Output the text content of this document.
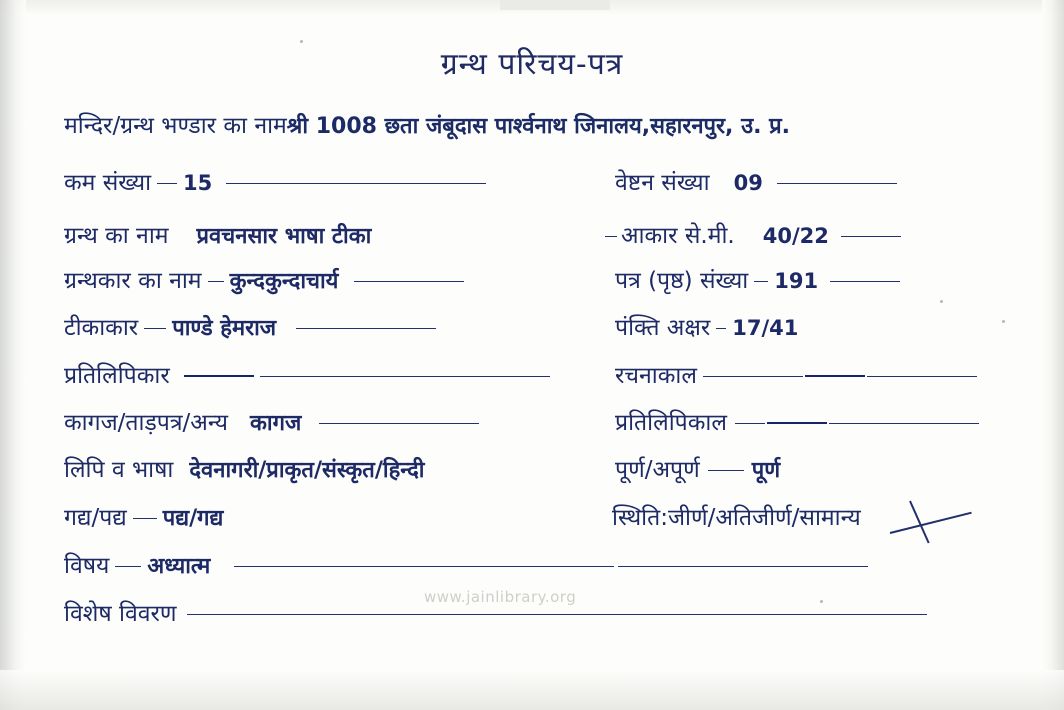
ग्रन्थ परिचय-पत्र
मन्दिर/ग्रन्थ भण्डार का नामश्री 1008 छता जंबूदास पार्श्वनाथ जिनालय,सहारनपुर, उ. प्र.
कम संख्या 15	वेष्टन संख्या 09
ग्रन्थ का नाम प्रवचनसार भाषा टीका	आकार से.मी. 40/22
ग्रन्थकार का नाम कुन्दकुन्दाचार्य	पत्र (पृष्ठ) संख्या 191
टीकाकार पाण्डे हेमराज	पंक्ति अक्षर 17/41
प्रतिलिपिकार	रचनाकाल
कागज/ताड़पत्र/अन्य कागज	प्रतिलिपिकाल
लिपि व भाषा देवनागरी/प्राकृत/संस्कृत/हिन्दी	पूर्ण/अपूर्ण पूर्ण
गद्य/पद्य पद्य/गद्य	स्थिति:जीर्ण/अतिजीर्ण/सामान्य
विषय अध्यात्म
विशेष विवरण
www.jainlibrary.org
